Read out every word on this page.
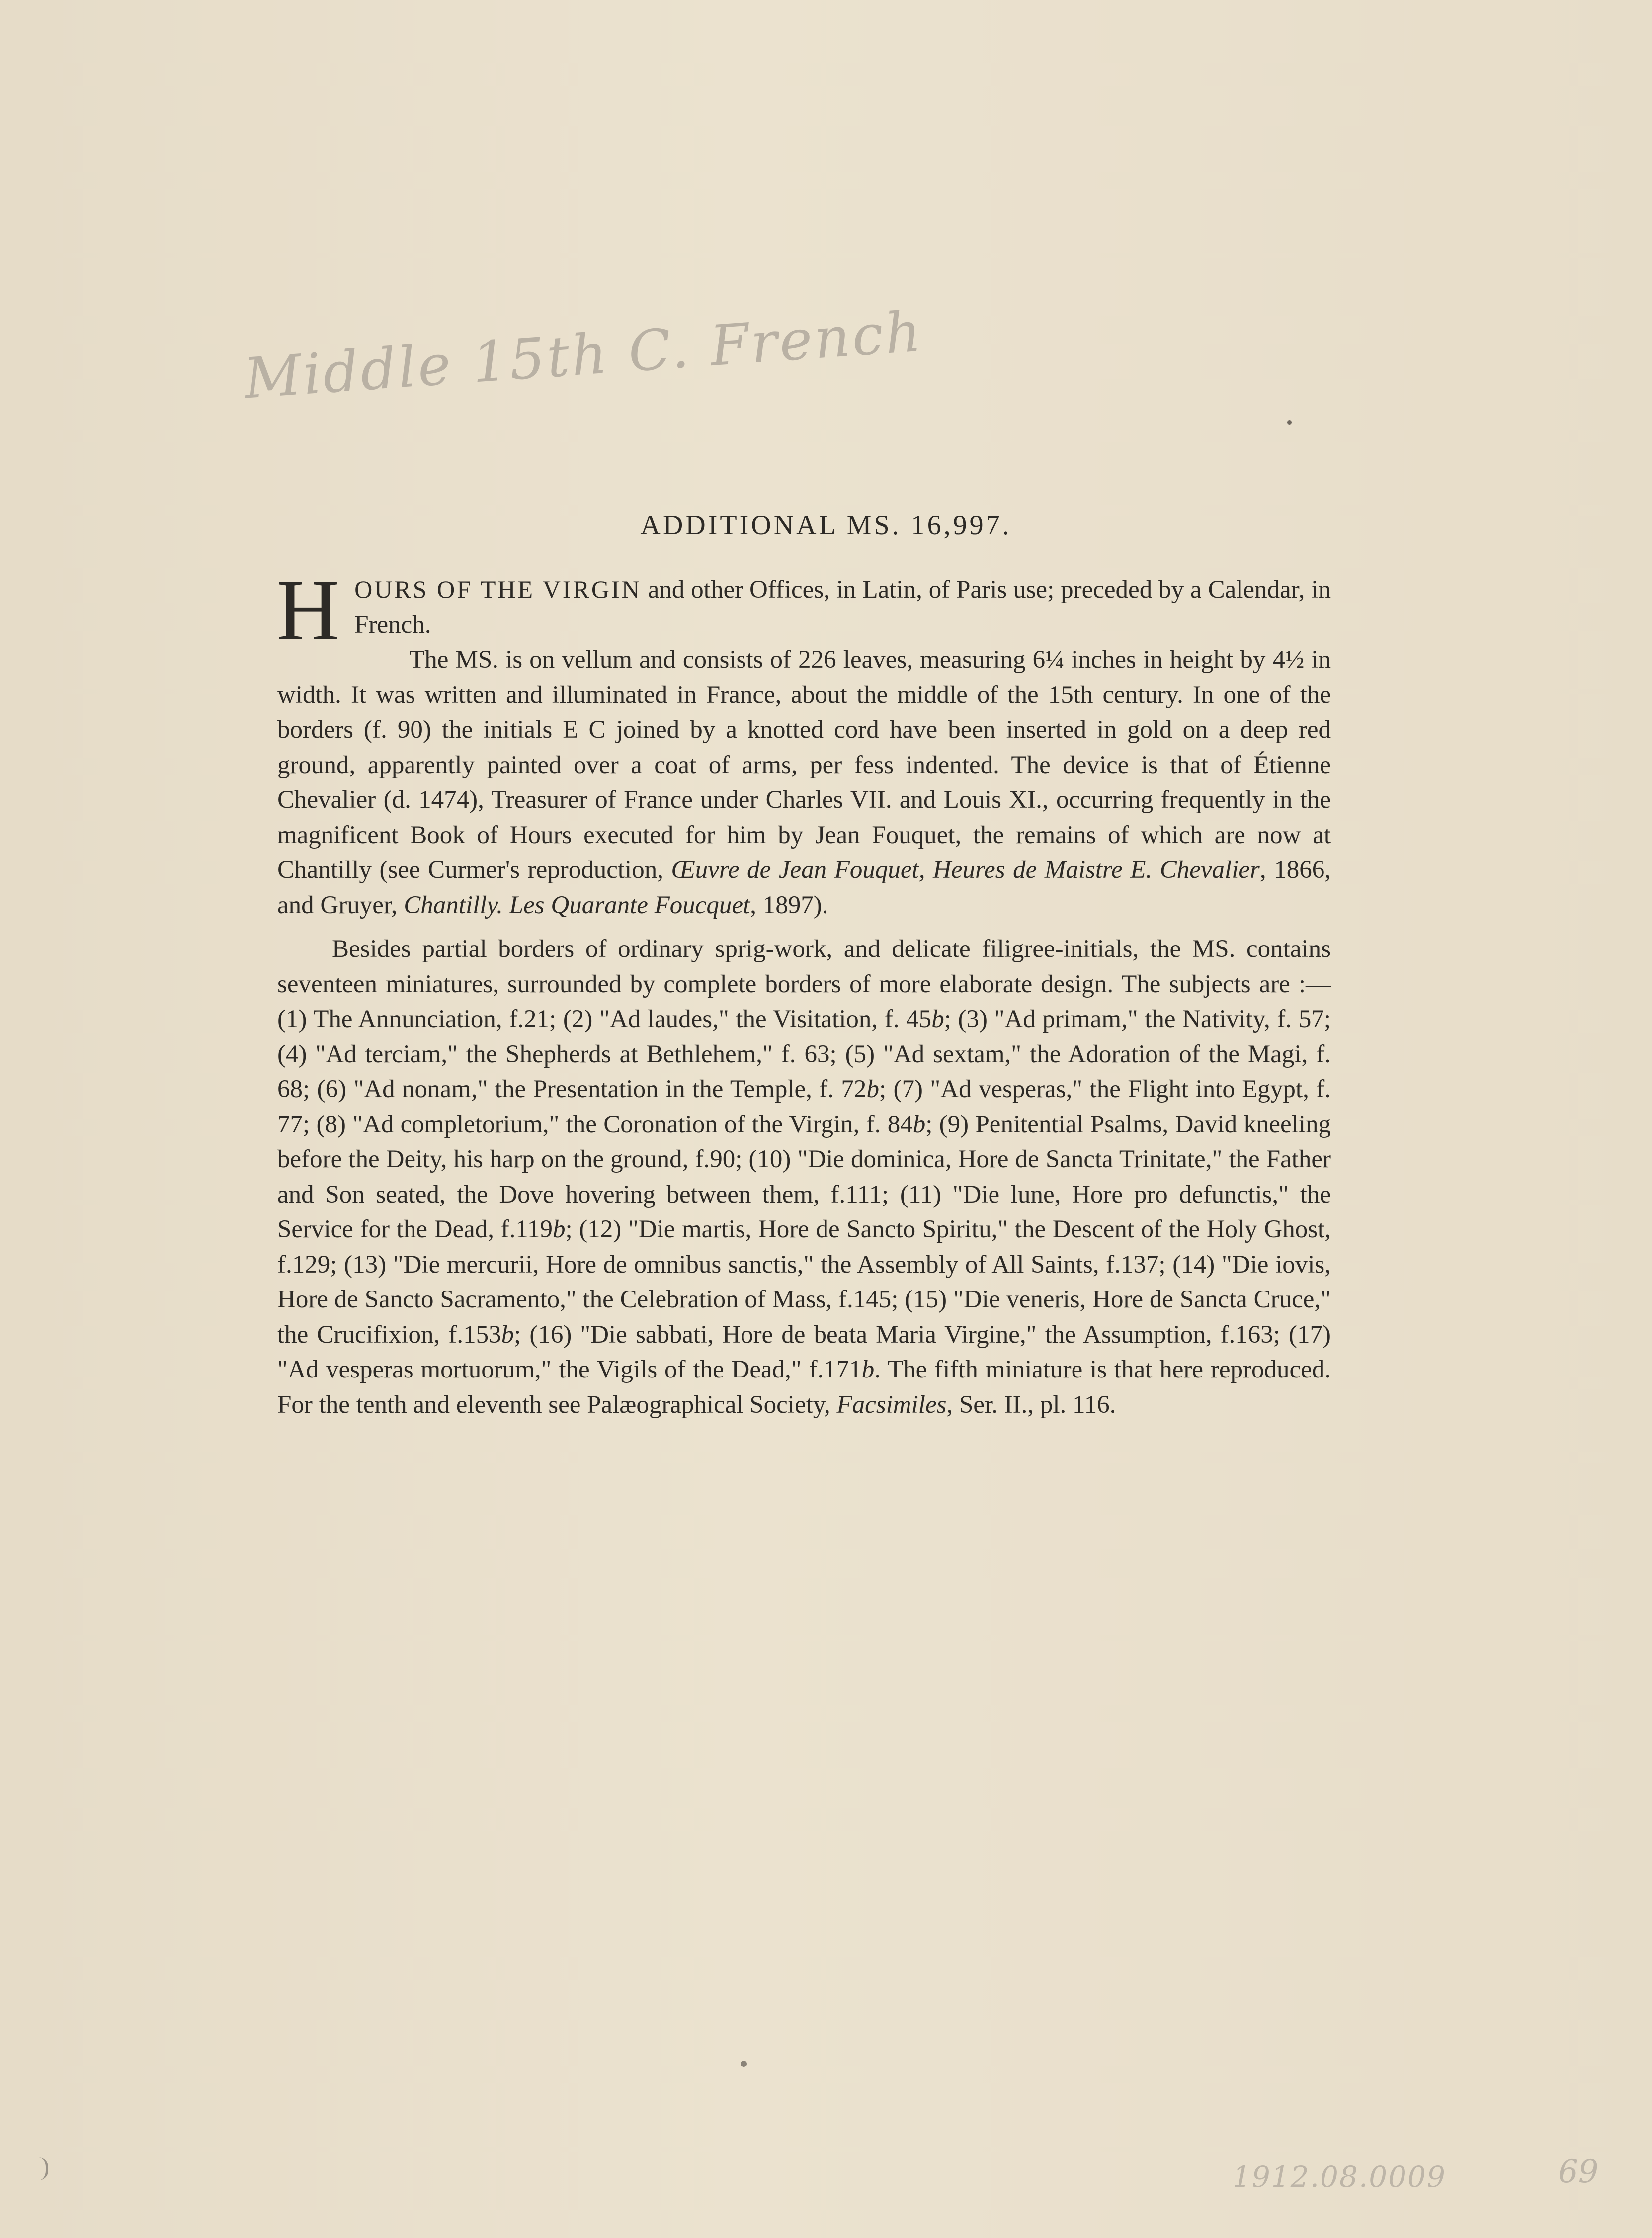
Middle 15th C. French
ADDITIONAL MS. 16,997.

HOURS OF THE VIRGIN and other Offices, in Latin, of Paris use; preceded by a Calendar, in French.

The MS. is on vellum and consists of 226 leaves, measuring 6¼ inches in height by 4½ in width. It was written and illuminated in France, about the middle of the 15th century. In one of the borders (f. 90) the initials E C joined by a knotted cord have been inserted in gold on a deep red ground, apparently painted over a coat of arms, per fess indented. The device is that of Étienne Chevalier (d. 1474), Treasurer of France under Charles VII. and Louis XI., occurring frequently in the magnificent Book of Hours executed for him by Jean Fouquet, the remains of which are now at Chantilly (see Curmer's reproduction, Œuvre de Jean Fouquet, Heures de Maistre E. Chevalier, 1866, and Gruyer, Chantilly. Les Quarante Foucquet, 1897).

Besides partial borders of ordinary sprig-work, and delicate filigree-initials, the MS. contains seventeen miniatures, surrounded by complete borders of more elaborate design. The subjects are :—(1) The Annunciation, f.21; (2) "Ad laudes," the Visitation, f. 45b; (3) "Ad primam," the Nativity, f. 57; (4) "Ad terciam," the Shepherds at Bethlehem," f. 63; (5) "Ad sextam," the Adoration of the Magi, f. 68; (6) "Ad nonam," the Presentation in the Temple, f. 72b; (7) "Ad vesperas," the Flight into Egypt, f. 77; (8) "Ad completorium," the Coronation of the Virgin, f. 84b; (9) Penitential Psalms, David kneeling before the Deity, his harp on the ground, f.90; (10) "Die dominica, Hore de Sancta Trinitate," the Father and Son seated, the Dove hovering between them, f.111; (11) "Die lune, Hore pro defunctis," the Service for the Dead, f.119b; (12) "Die martis, Hore de Sancto Spiritu," the Descent of the Holy Ghost, f.129; (13) "Die mercurii, Hore de omnibus sanctis," the Assembly of All Saints, f.137; (14) "Die iovis, Hore de Sancto Sacramento," the Celebration of Mass, f.145; (15) "Die veneris, Hore de Sancta Cruce," the Crucifixion, f.153b; (16) "Die sabbati, Hore de beata Maria Virgine," the Assumption, f.163; (17) "Ad vesperas mortuorum," the Vigils of the Dead," f.171b. The fifth miniature is that here reproduced. For the tenth and eleventh see Palæographical Society, Facsimiles, Ser. II., pl. 116.

1912.08.0009	69
